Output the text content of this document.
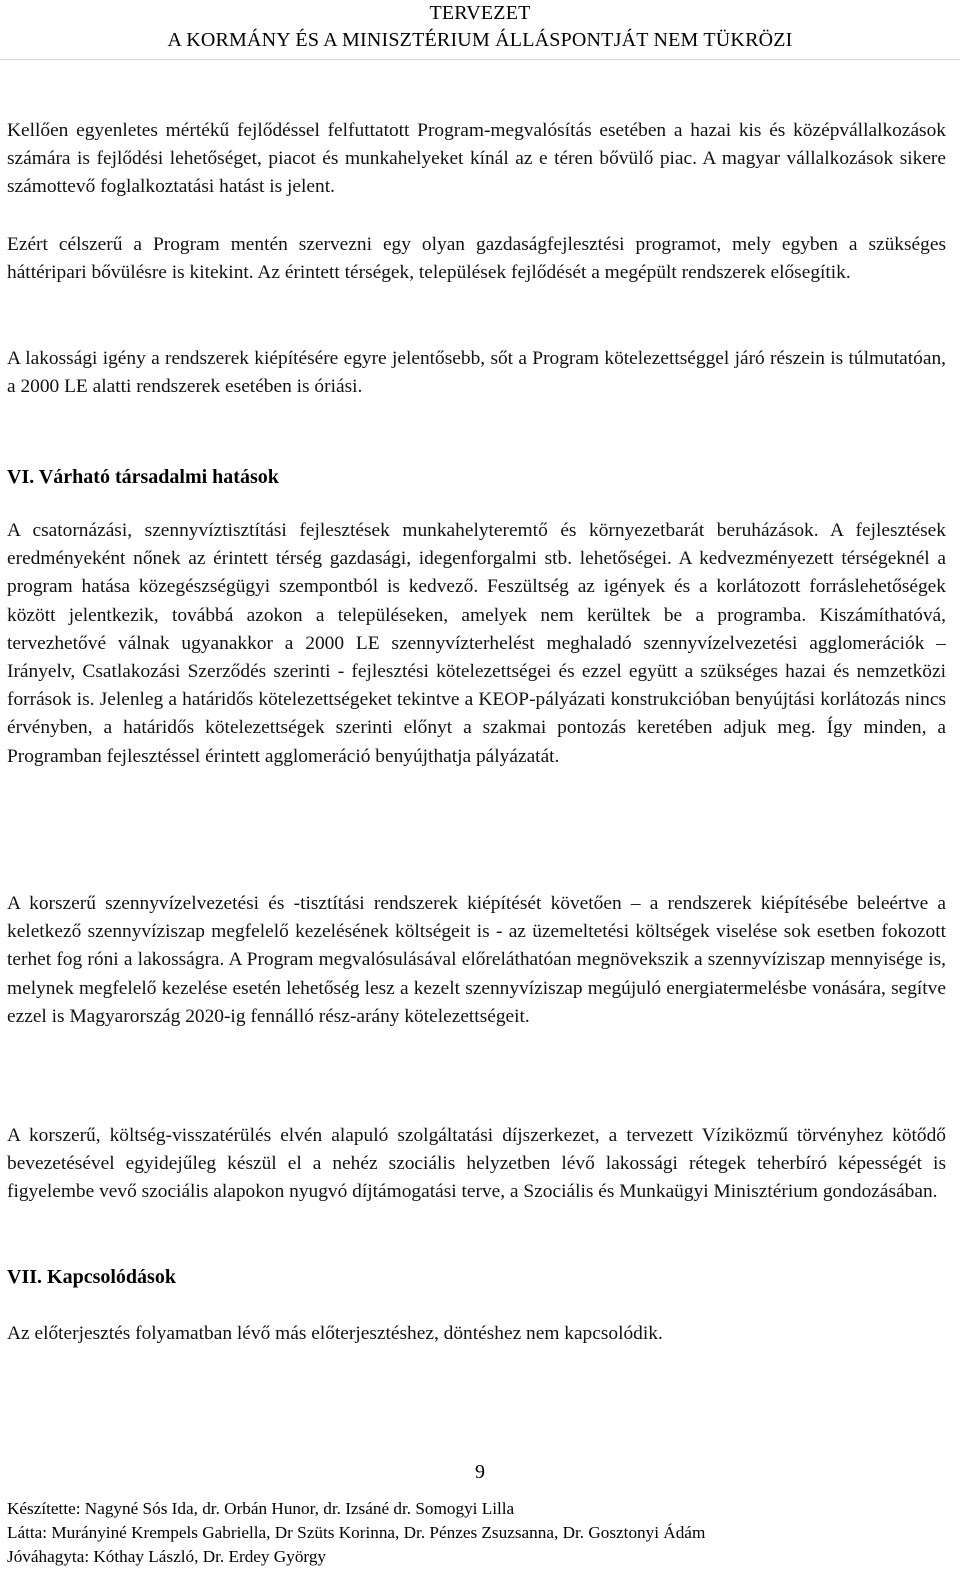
TERVEZET
A KORMÁNY ÉS A MINISZTÉRIUM ÁLLÁSPONTJÁT NEM TÜKRÖZI

Kellően egyenletes mértékű fejlődéssel felfuttatott Program-megvalósítás esetében a hazai kis és középvállalkozások számára is fejlődési lehetőséget, piacot és munkahelyeket kínál az e téren bővülő piac. A magyar vállalkozások sikere számottevő foglalkoztatási hatást is jelent.

Ezért célszerű a Program mentén szervezni egy olyan gazdaságfejlesztési programot, mely egyben a szükséges háttéripari bővülésre is kitekint. Az érintett térségek, települések fejlődését a megépült rendszerek elősegítik.

A lakossági igény a rendszerek kiépítésére egyre jelentősebb, sőt a Program kötelezettséggel járó részein is túlmutatóan, a 2000 LE alatti rendszerek esetében is óriási.

VI. Várható társadalmi hatások

A csatornázási, szennyvíztisztítási fejlesztések munkahelyteremtő és környezetbarát beruházások. A fejlesztések eredményeként nőnek az érintett térség gazdasági, idegenforgalmi stb. lehetőségei. A kedvezményezett térségeknél a program hatása közegészségügyi szempontból is kedvező. Feszültség az igények és a korlátozott forráslehetőségek között jelentkezik, továbbá azokon a településeken, amelyek nem kerültek be a programba. Kiszámíthatóvá, tervezhetővé válnak ugyanakkor a 2000 LE szennyvízterhelést meghaladó szennyvízelvezetési agglomerációk – Irányelv, Csatlakozási Szerződés szerinti - fejlesztési kötelezettségei és ezzel együtt a szükséges hazai és nemzetközi források is. Jelenleg a határidős kötelezettségeket tekintve a KEOP-pályázati konstrukcióban benyújtási korlátozás nincs érvényben, a határidős kötelezettségek szerinti előnyt a szakmai pontozás keretében adjuk meg. Így minden, a Programban fejlesztéssel érintett agglomeráció benyújthatja pályázatát.

A korszerű szennyvízelvezetési és -tisztítási rendszerek kiépítését követően – a rendszerek kiépítésébe beleértve a keletkező szennyvíziszap megfelelő kezelésének költségeit is - az üzemeltetési költségek viselése sok esetben fokozott terhet fog róni a lakosságra. A Program megvalósulásával előreláthatóan megnövekszik a szennyvíziszap mennyisége is, melynek megfelelő kezelése esetén lehetőség lesz a kezelt szennyvíziszap megújuló energiatermelésbe vonására, segítve ezzel is Magyarország 2020-ig fennálló rész-arány kötelezettségeit.

A korszerű, költség-visszatérülés elvén alapuló szolgáltatási díjszerkezet, a tervezett Víziközmű törvényhez kötődő bevezetésével egyidejűleg készül el a nehéz szociális helyzetben lévő lakossági rétegek teherbíró képességét is figyelembe vevő szociális alapokon nyugvó díjtámogatási terve, a Szociális és Munkaügyi Minisztérium gondozásában.

VII. Kapcsolódások

Az előterjesztés folyamatban lévő más előterjesztéshez, döntéshez nem kapcsolódik.

9
Készítette: Nagyné Sós Ida, dr. Orbán Hunor, dr. Izsáné dr. Somogyi Lilla
Látta: Murányiné Krempels Gabriella, Dr Szüts Korinna, Dr. Pénzes Zsuzsanna, Dr. Gosztonyi Ádám
Jóváhagyta: Kóthay László, Dr. Erdey György
